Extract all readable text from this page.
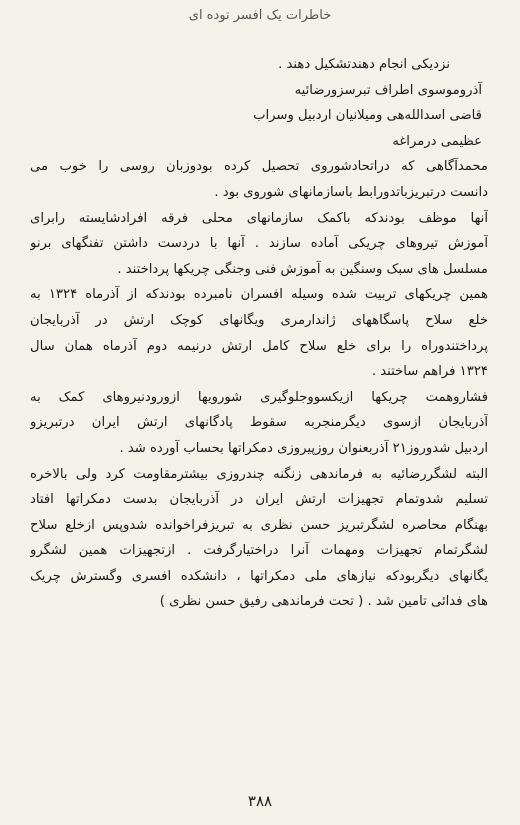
خاطرات یک افسر توده ای
نزدیکی انجام دهندتشکیل دهند .
آذروموسوی اطراف تبرسزورضائیه
قاضی اسدالله‌هی ومیلانیان اردبیل وسراب
عظیمی درمراغه
محمدآگاهی که دراتحادشوروی تحصیل کرده بودوزبان روسی را خوب می
دانست درتبریزباتدورابط باسازمانهای شوروی بود .
آنها موظف بودندکه باکمک سازمانهای محلی فرقه افرادشایسته رابرای
آموزش تیروهای چریکی آماده سازند . آنها با دردست داشتن تفنگهای برنو
مسلسل های سبک وسنگین به آموزش فنی وجنگی چریکها پرداختند .
همین چریکهای تربیت شده وسیله افسران نامبرده بودندکه از آذرماه ۱۳۲۴ به
خلع سلاح پاسگاههای ژاندارمری ویگانهای کوچک ارتش در آذربایجان
پرداختندوراه را برای خلع سلاح کامل ارتش درنیمه دوم آذرماه همان سال
۱۳۲۴ فراهم ساختند .
فشاروهمت چریکها ازیکسووجلوگیری شورویها ازورودنیروهای کمک به
آذربایجان ازسوی دیگرمنجربه سقوط پادگانهای ارتش ایران درتبریزو
اردبیل شدوروز۲۱ آذربعنوان روزپیروزی دمکراتها بحساب آورده شد .
البته لشگررضائیه به فرماندهی زنگنه چندروزی بیشترمقاومت کرد ولی بالاخره
تسلیم شدوتمام تجهیزات ارتش ایران در آذربایجان بدست دمکراتها افتاد
بهنگام محاصره لشگرتبریز حسن نظری به تبریزفراخوانده شدوپس ازخلع سلاح
لشگرتمام تجهیزات ومهمات آنرا دراختیارگرفت . ازتجهیزات همین لشگرو
یگانهای دیگربودکه نیازهای ملی دمکراتها ، دانشکده افسری وگسترش چریک
های فدائی تامین شد . ( تحت فرماندهی رفیق حسن نظری )
۳۸۸
